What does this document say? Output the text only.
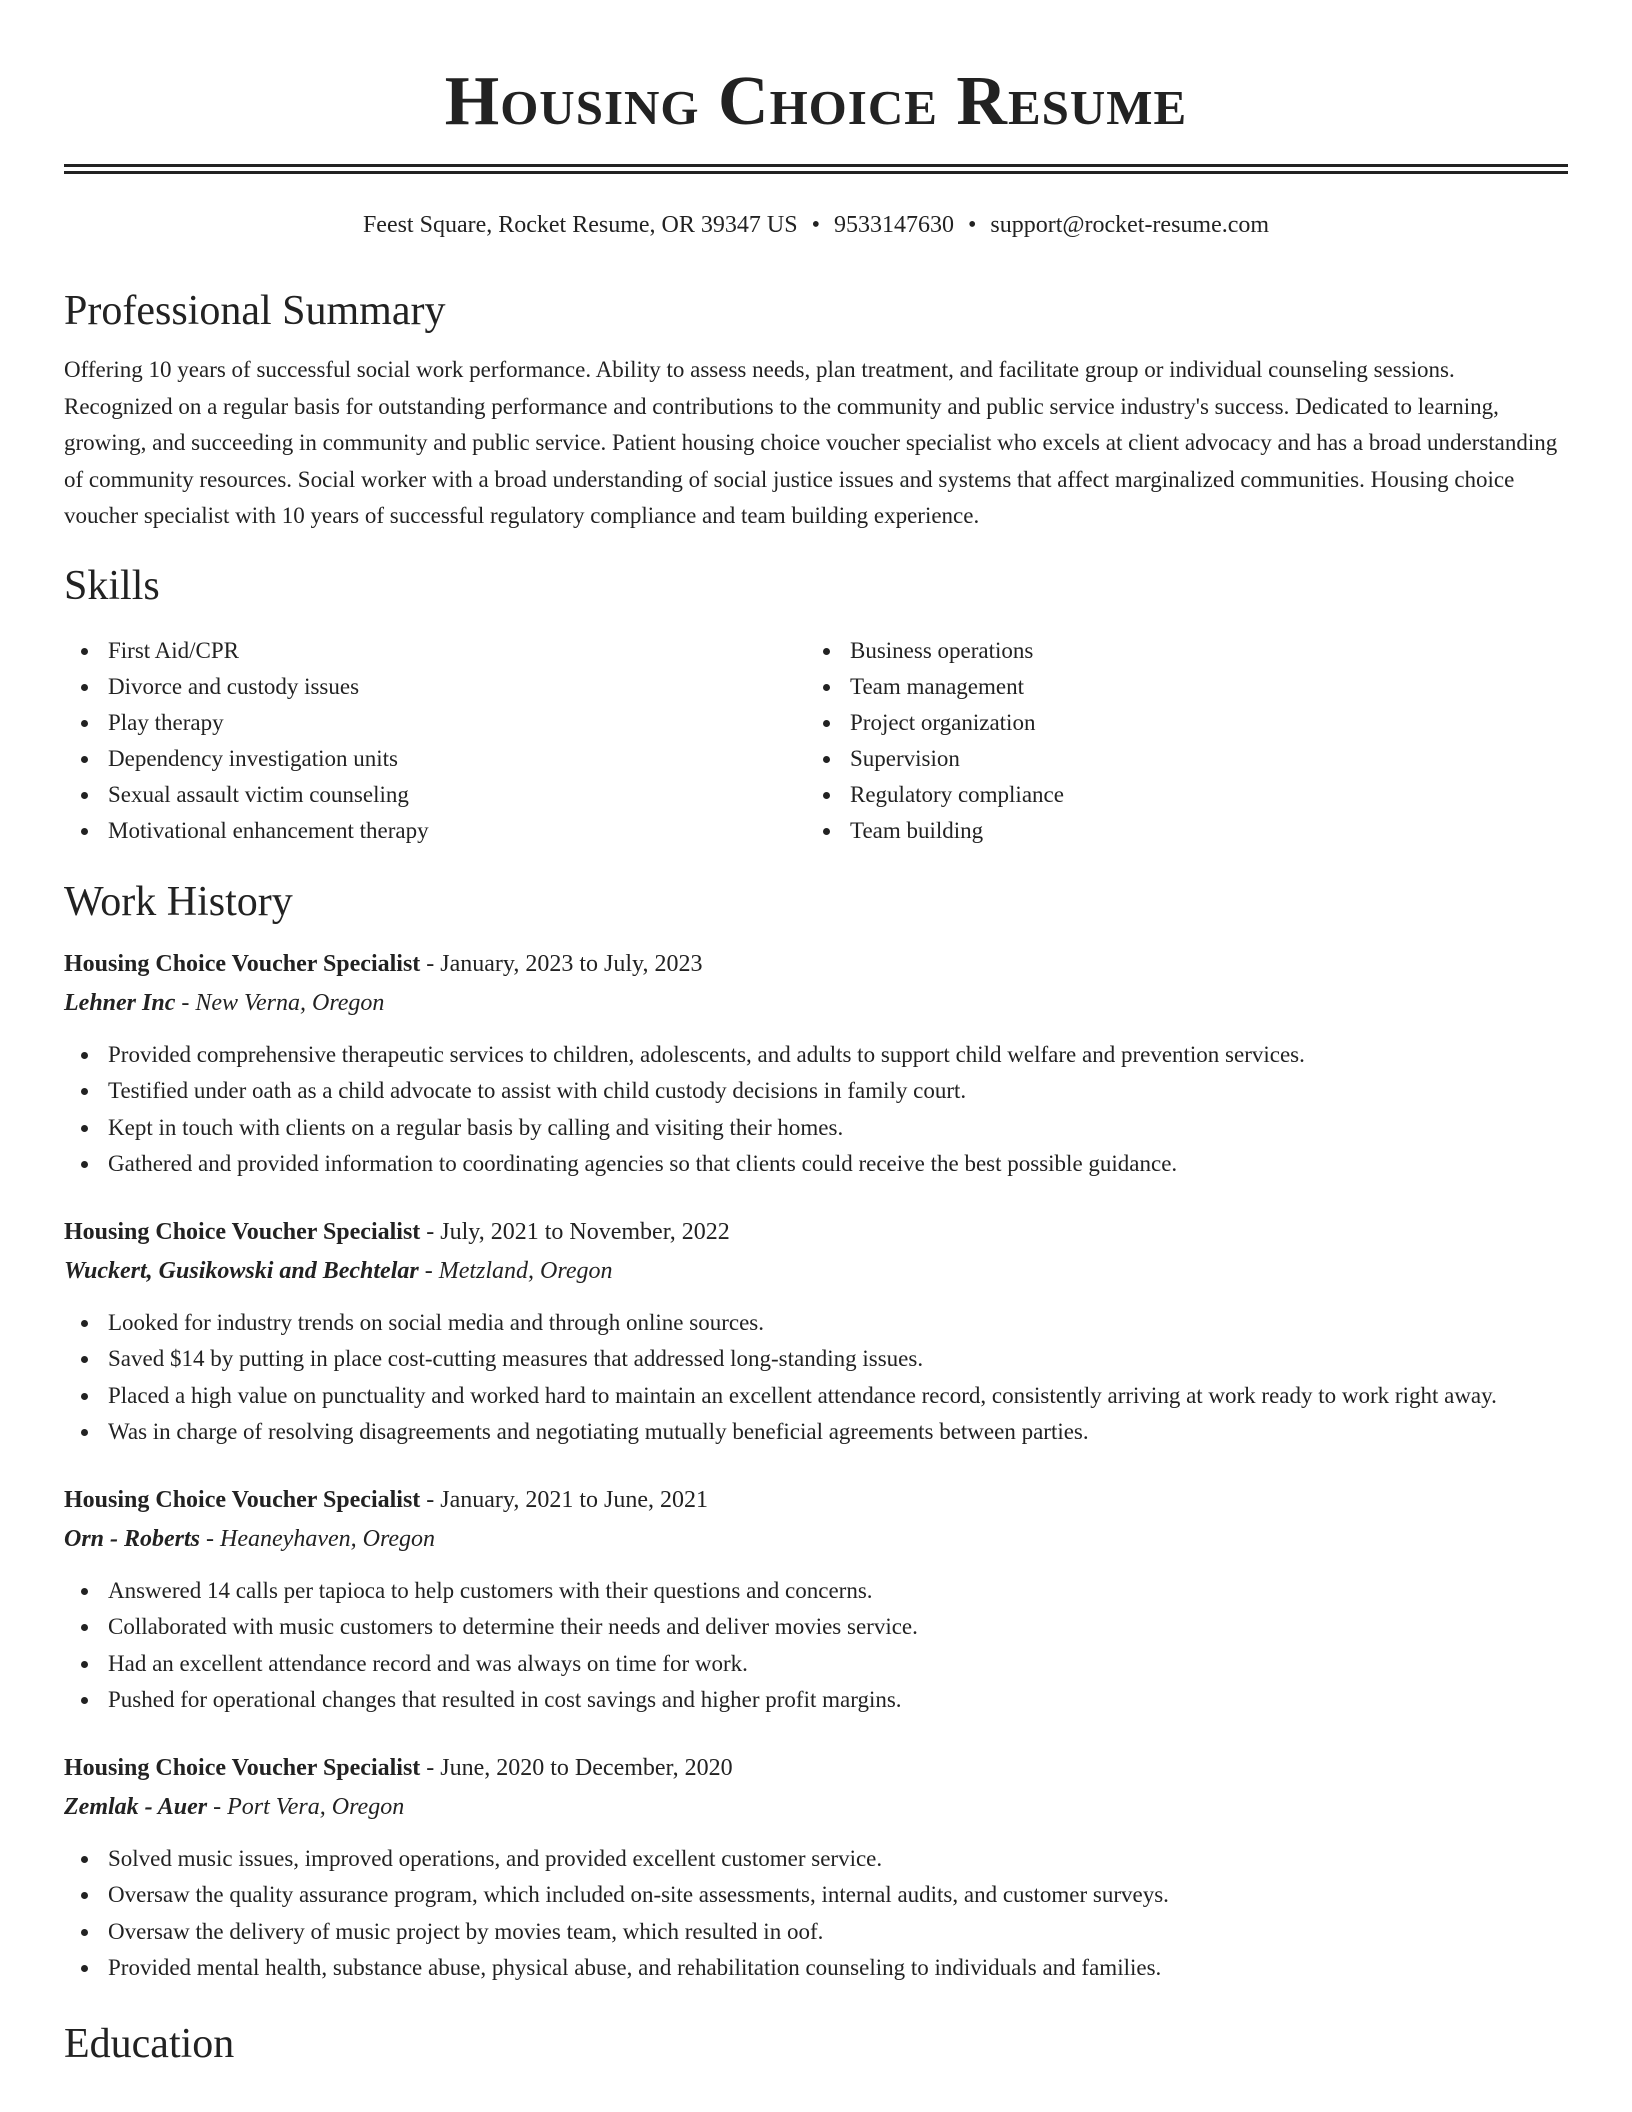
Housing Choice Resume
Feest Square, Rocket Resume, OR 39347 US • 9533147630 • support@rocket-resume.com
Professional Summary

Offering 10 years of successful social work performance. Ability to assess needs, plan treatment, and facilitate group or individual counseling sessions. Recognized on a regular basis for outstanding performance and contributions to the community and public service industry's success. Dedicated to learning, growing, and succeeding in community and public service. Patient housing choice voucher specialist who excels at client advocacy and has a broad understanding of community resources. Social worker with a broad understanding of social justice issues and systems that affect marginalized communities. Housing choice voucher specialist with 10 years of successful regulatory compliance and team building experience.

Skills
First Aid/CPR
Divorce and custody issues
Play therapy
Dependency investigation units
Sexual assault victim counseling
Motivational enhancement therapy
Business operations
Team management
Project organization
Supervision
Regulatory compliance
Team building
Work History
Housing Choice Voucher Specialist - January, 2023 to July, 2023
Lehner Inc - New Verna, Oregon
Provided comprehensive therapeutic services to children, adolescents, and adults to support child welfare and prevention services.
Testified under oath as a child advocate to assist with child custody decisions in family court.
Kept in touch with clients on a regular basis by calling and visiting their homes.
Gathered and provided information to coordinating agencies so that clients could receive the best possible guidance.
Housing Choice Voucher Specialist - July, 2021 to November, 2022
Wuckert, Gusikowski and Bechtelar - Metzland, Oregon
Looked for industry trends on social media and through online sources.
Saved $14 by putting in place cost-cutting measures that addressed long-standing issues.
Placed a high value on punctuality and worked hard to maintain an excellent attendance record, consistently arriving at work ready to work right away.
Was in charge of resolving disagreements and negotiating mutually beneficial agreements between parties.
Housing Choice Voucher Specialist - January, 2021 to June, 2021
Orn - Roberts - Heaneyhaven, Oregon
Answered 14 calls per tapioca to help customers with their questions and concerns.
Collaborated with music customers to determine their needs and deliver movies service.
Had an excellent attendance record and was always on time for work.
Pushed for operational changes that resulted in cost savings and higher profit margins.
Housing Choice Voucher Specialist - June, 2020 to December, 2020
Zemlak - Auer - Port Vera, Oregon
Solved music issues, improved operations, and provided excellent customer service.
Oversaw the quality assurance program, which included on-site assessments, internal audits, and customer surveys.
Oversaw the delivery of music project by movies team, which resulted in oof.
Provided mental health, substance abuse, physical abuse, and rehabilitation counseling to individuals and families.
Education
